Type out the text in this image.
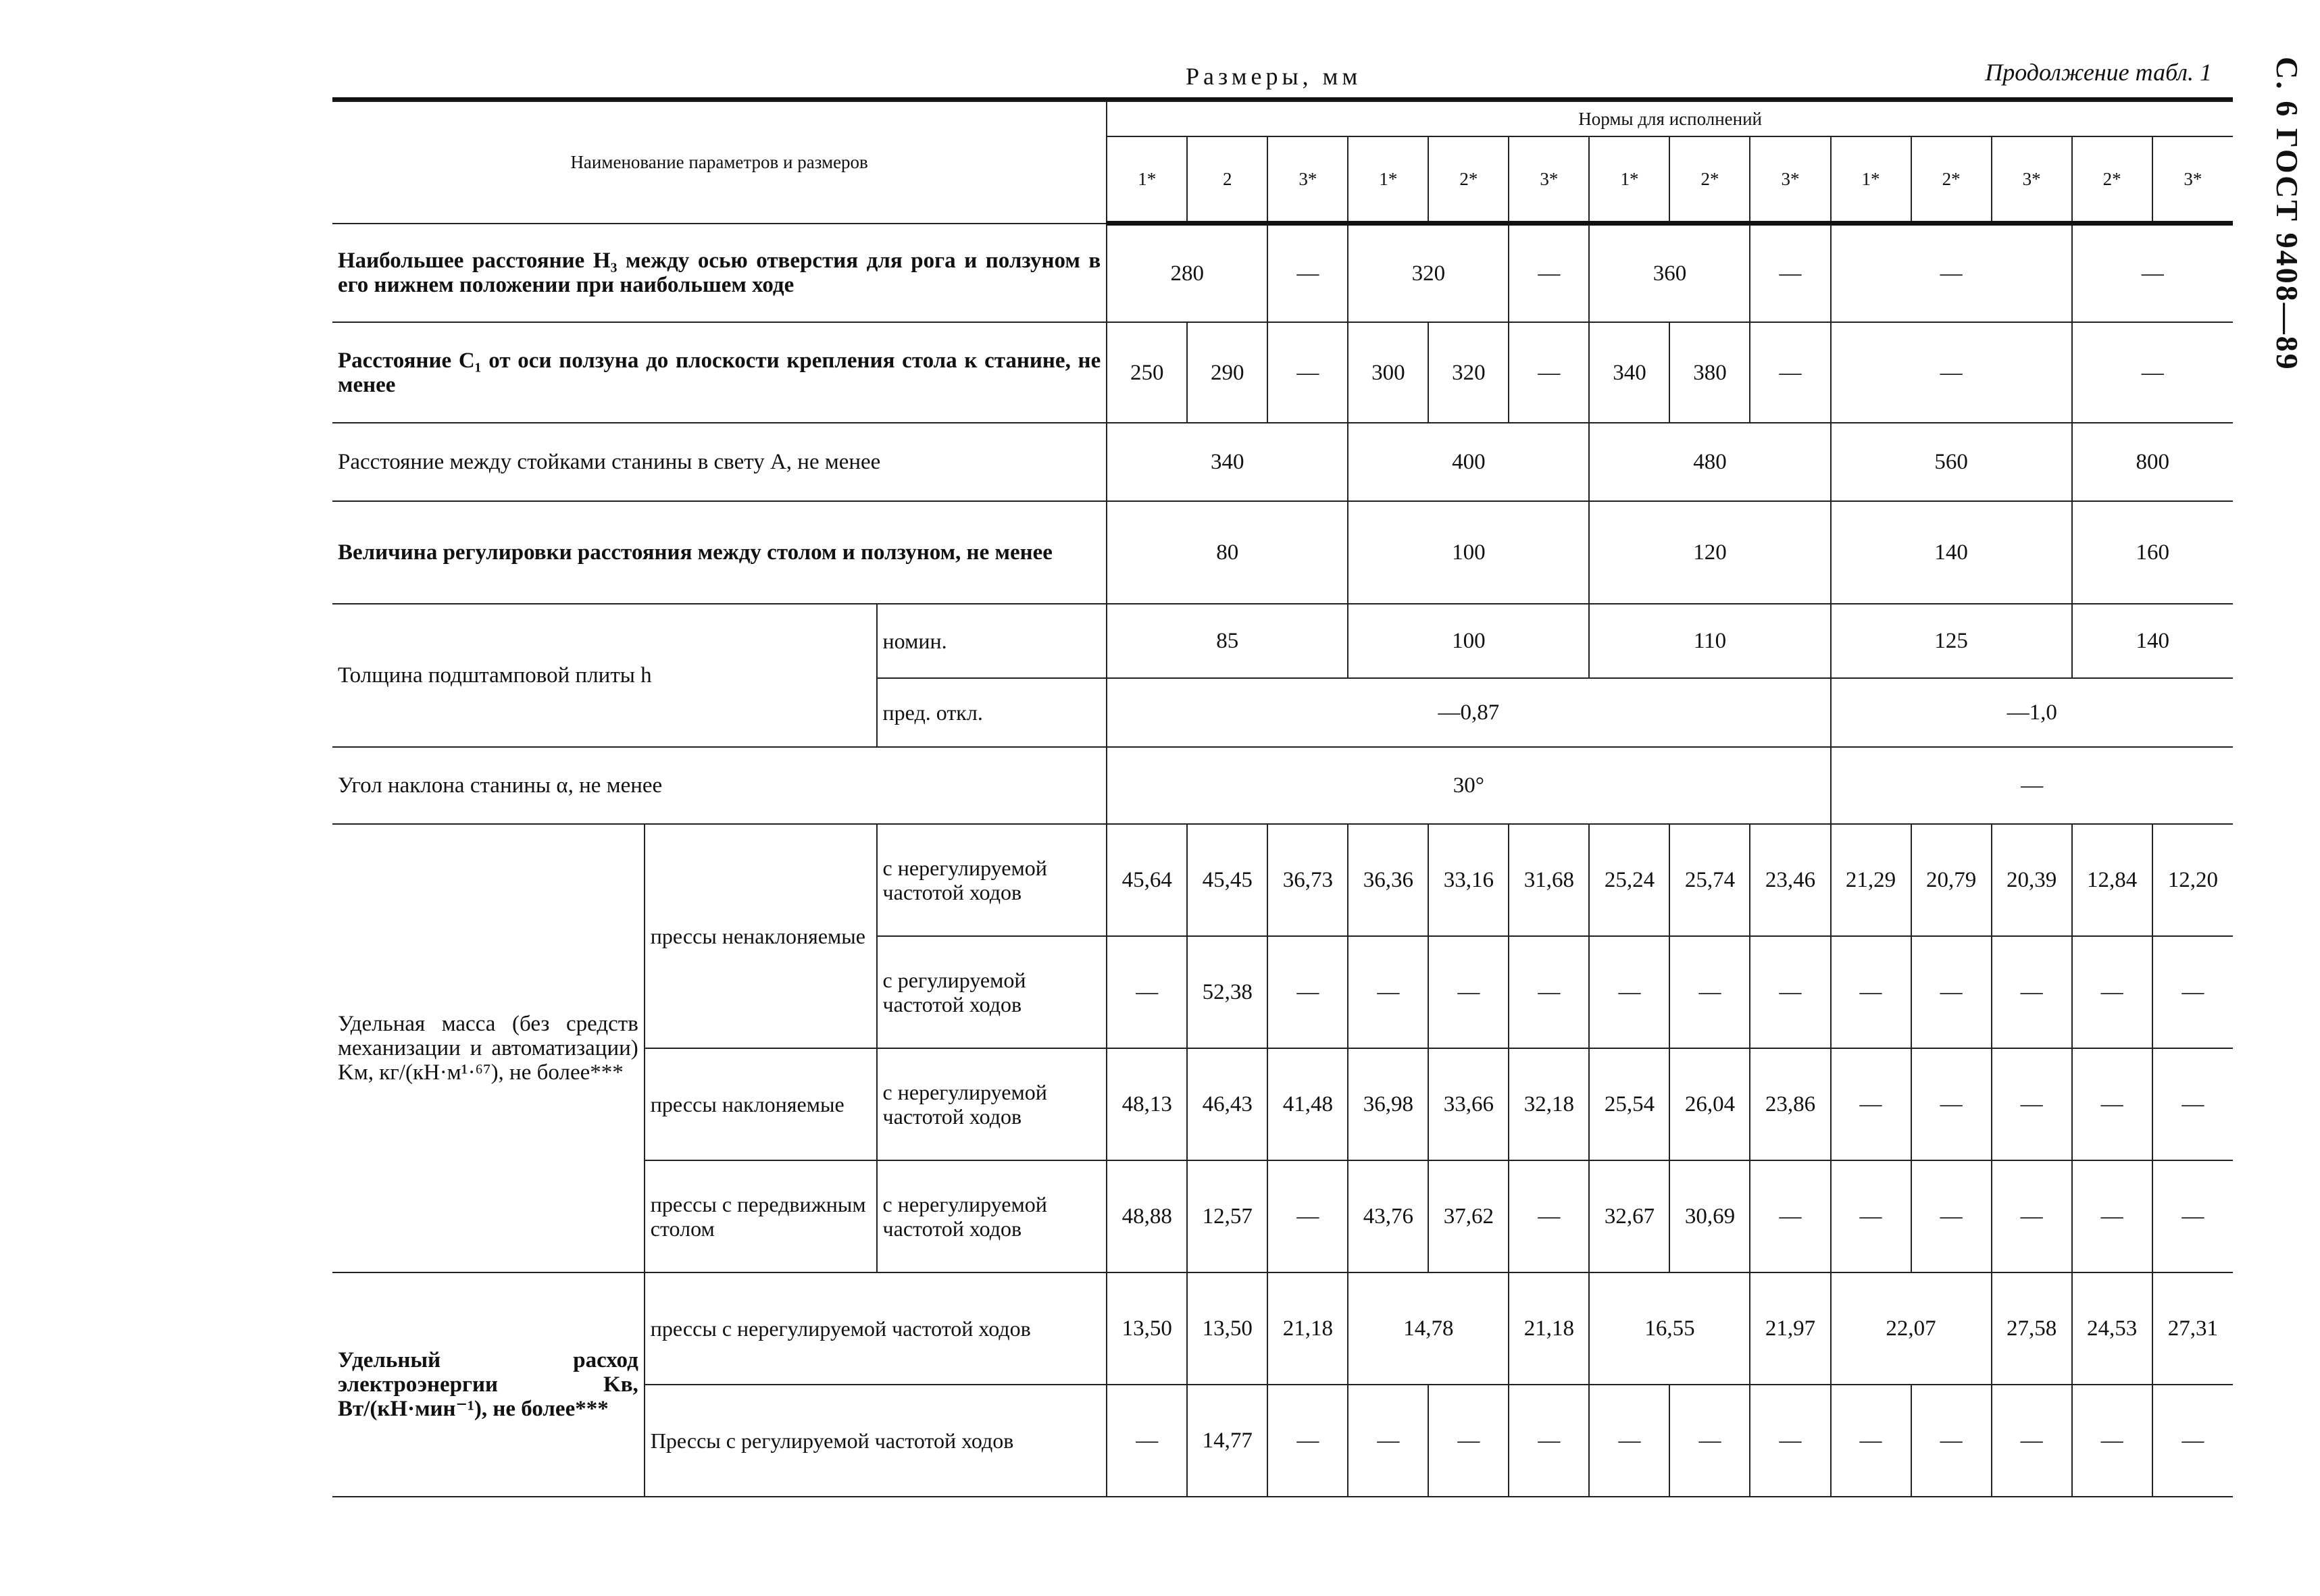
Размеры, мм	Продолжение табл. 1 С. 6 ГОСТ 9408—89
Наименование параметров и размеров			Нормы для исполнений													
			1*	2	3*	1*	2*	3*	1*	2*	3*	1*	2*	3*	2*	3*
Наибольшее расстояние H₃ между осью отверстия для рога и ползуном в его нижнем положении при наибольшем ходе			280		—	320		—	360		—	—			—	
Расстояние C₁ от оси ползуна до плоскости крепления стола к станине, не менее			250	290	—	300	320	—	340	380	—	—			—	
Расстояние между стойками станины в свету A, не менее			340			400			480			560			800	
Величина регулировки расстояния между столом и ползуном, не менее			80			100			120			140			160	
Толщина подштамповой плиты h		номин.	85			100			110			125			140	
		пред. откл.	—0,87									—1,0				
Угол наклона станины α, не менее			30°									—				
Удельная масса (без средств механизации и автоматизации) Kм, кг/(кН·м¹·⁶⁷), не более***	прессы ненаклоняемые	с нерегулируемой частотой ходов	45,64	45,45	36,73	36,36	33,16	31,68	25,24	25,74	23,46	21,29	20,79	20,39	12,84	12,20
		с регулируемой частотой ходов	—	52,38	—	—	—	—	—	—	—	—	—	—	—	—
	прессы наклоняемые	с нерегулируемой частотой ходов	48,13	46,43	41,48	36,98	33,66	32,18	25,54	26,04	23,86	—	—	—	—	—
	прессы с передвижным столом	с нерегулируемой частотой ходов	48,88	12,57	—	43,76	37,62	—	32,67	30,69	—	—	—	—	—	—
Удельный расход электроэнергии Kв, Вт/(кН·мин⁻¹), не более***	прессы с нерегулируемой частотой ходов		13,50	13,50	21,18	14,78		21,18	16,55		21,97	22,07		27,58	24,53	27,31
	Прессы с регулируемой частотой ходов		—	14,77	—	—	—	—	—	—	—	—	—	—	—	—
